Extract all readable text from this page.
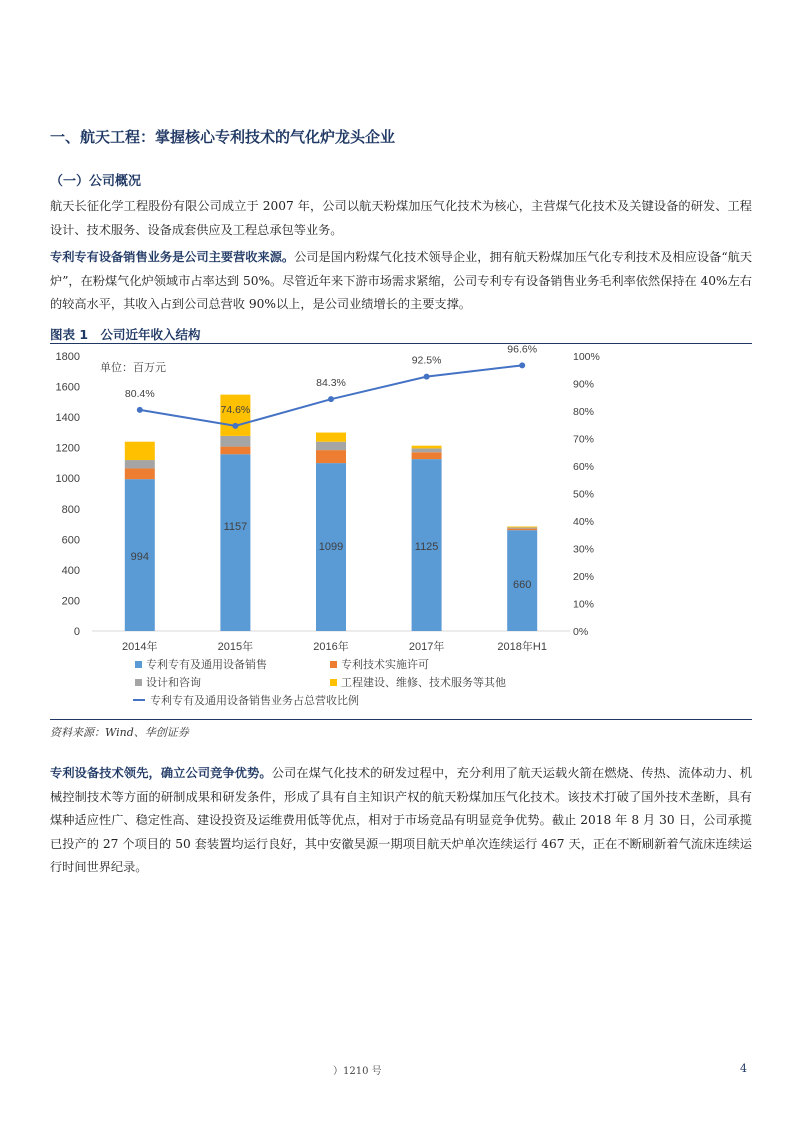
一、航天工程：掌握核心专利技术的气化炉龙头企业
（一）公司概况
航天长征化学工程股份有限公司成立于 2007 年，公司以航天粉煤加压气化技术为核心，主营煤气化技术及关键设备的研发、工程设计、技术服务、设备成套供应及工程总承包等业务。
专利专有设备销售业务是公司主要营收来源。公司是国内粉煤气化技术领导企业，拥有航天粉煤加压气化专利技术及相应设备“航天炉”，在粉煤气化炉领域市占率达到 50%。尽管近年来下游市场需求紧缩，公司专利专有设备销售业务毛利率依然保持在 40%左右的较高水平，其收入占到公司总营收 90%以上，是公司业绩增长的主要支撑。
图表 1　公司近年收入结构
0
200
400
600
800
1000
1200
1400
1600
1800
0%
10%
20%
30%
40%
50%
60%
70%
80%
90%
100%
2014年	2015年	2016年	2017年	2018年H1
994
1157
1099	1125
660
80.4%
74.6%
84.3%
92.5%
96.6%
单位：百万元
专利专有及通用设备销售	专利技术实施许可
设计和咨询	工程建设、维修、技术服务等其他
专利专有及通用设备销售业务占总营收比例
资料来源：Wind、华创证券
专利设备技术领先，确立公司竞争优势。公司在煤气化技术的研发过程中，充分利用了航天运载火箭在燃烧、传热、流体动力、机械控制技术等方面的研制成果和研发条件，形成了具有自主知识产权的航天粉煤加压气化技术。该技术打破了国外技术垄断，具有煤种适应性广、稳定性高、建设投资及运维费用低等优点，相对于市场竞品有明显竞争优势。截止 2018 年 8 月 30 日，公司承揽已投产的 27 个项目的 50 套装置均运行良好，其中安徽昊源一期项目航天炉单次连续运行 467 天，正在不断刷新着气流床连续运行时间世界纪录。
）1210 号	4
